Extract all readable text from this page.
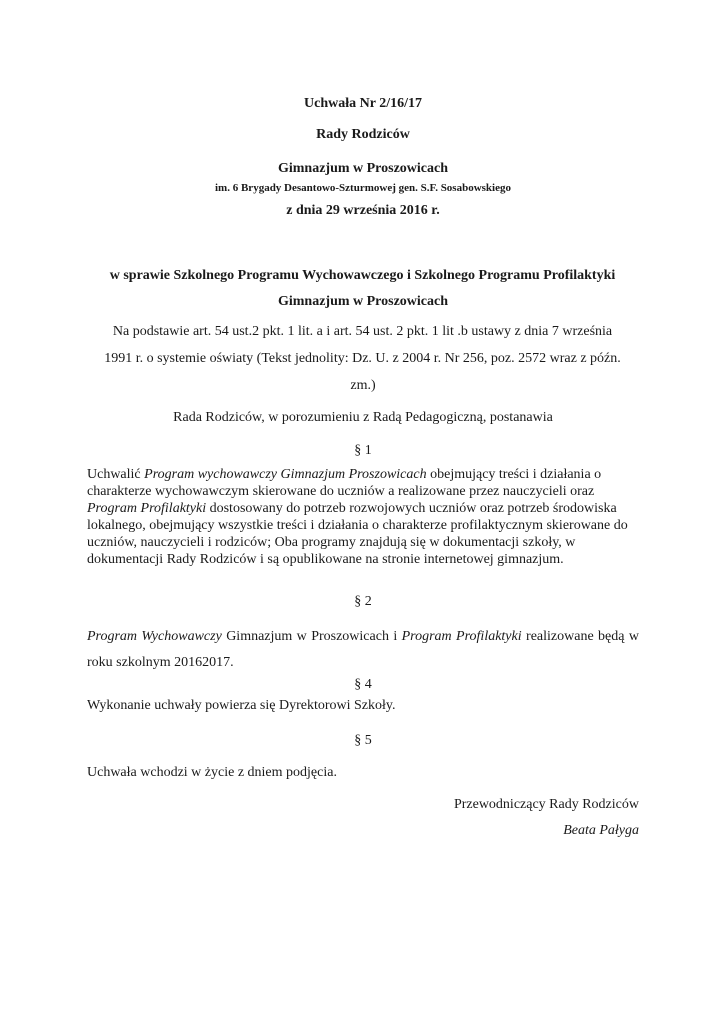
Uchwała Nr 2/16/17
Rady Rodziców
Gimnazjum w Proszowicach
im. 6 Brygady Desantowo-Szturmowej gen. S.F. Sosabowskiego
z dnia 29 września 2016 r.
w sprawie Szkolnego Programu Wychowawczego i Szkolnego Programu Profilaktyki
Gimnazjum w Proszowicach
Na podstawie art. 54 ust.2 pkt. 1 lit. a i art. 54 ust. 2 pkt. 1 lit .b ustawy z dnia 7 września
1991 r. o systemie oświaty (Tekst jednolity: Dz. U. z 2004 r. Nr 256, poz. 2572 wraz z późn.
zm.)
Rada Rodziców, w porozumieniu z Radą Pedagogiczną, postanawia
§ 1
Uchwalić Program wychowawczy Gimnazjum Proszowicach obejmujący treści i działania o charakterze wychowawczym skierowane do uczniów a realizowane przez nauczycieli oraz Program Profilaktyki dostosowany do potrzeb rozwojowych uczniów oraz potrzeb środowiska lokalnego, obejmujący wszystkie treści i działania o charakterze profilaktycznym skierowane do uczniów, nauczycieli i rodziców; Oba programy znajdują się w dokumentacji szkoły, w dokumentacji Rady Rodziców i są opublikowane na stronie internetowej gimnazjum.
§ 2
Program Wychowawczy Gimnazjum w Proszowicach i Program Profilaktyki realizowane będą w roku szkolnym 20162017.
§ 4
Wykonanie uchwały powierza się Dyrektorowi Szkoły.
§ 5
Uchwała wchodzi w życie z dniem podjęcia.
Przewodniczący Rady Rodziców
Beata Pałyga
